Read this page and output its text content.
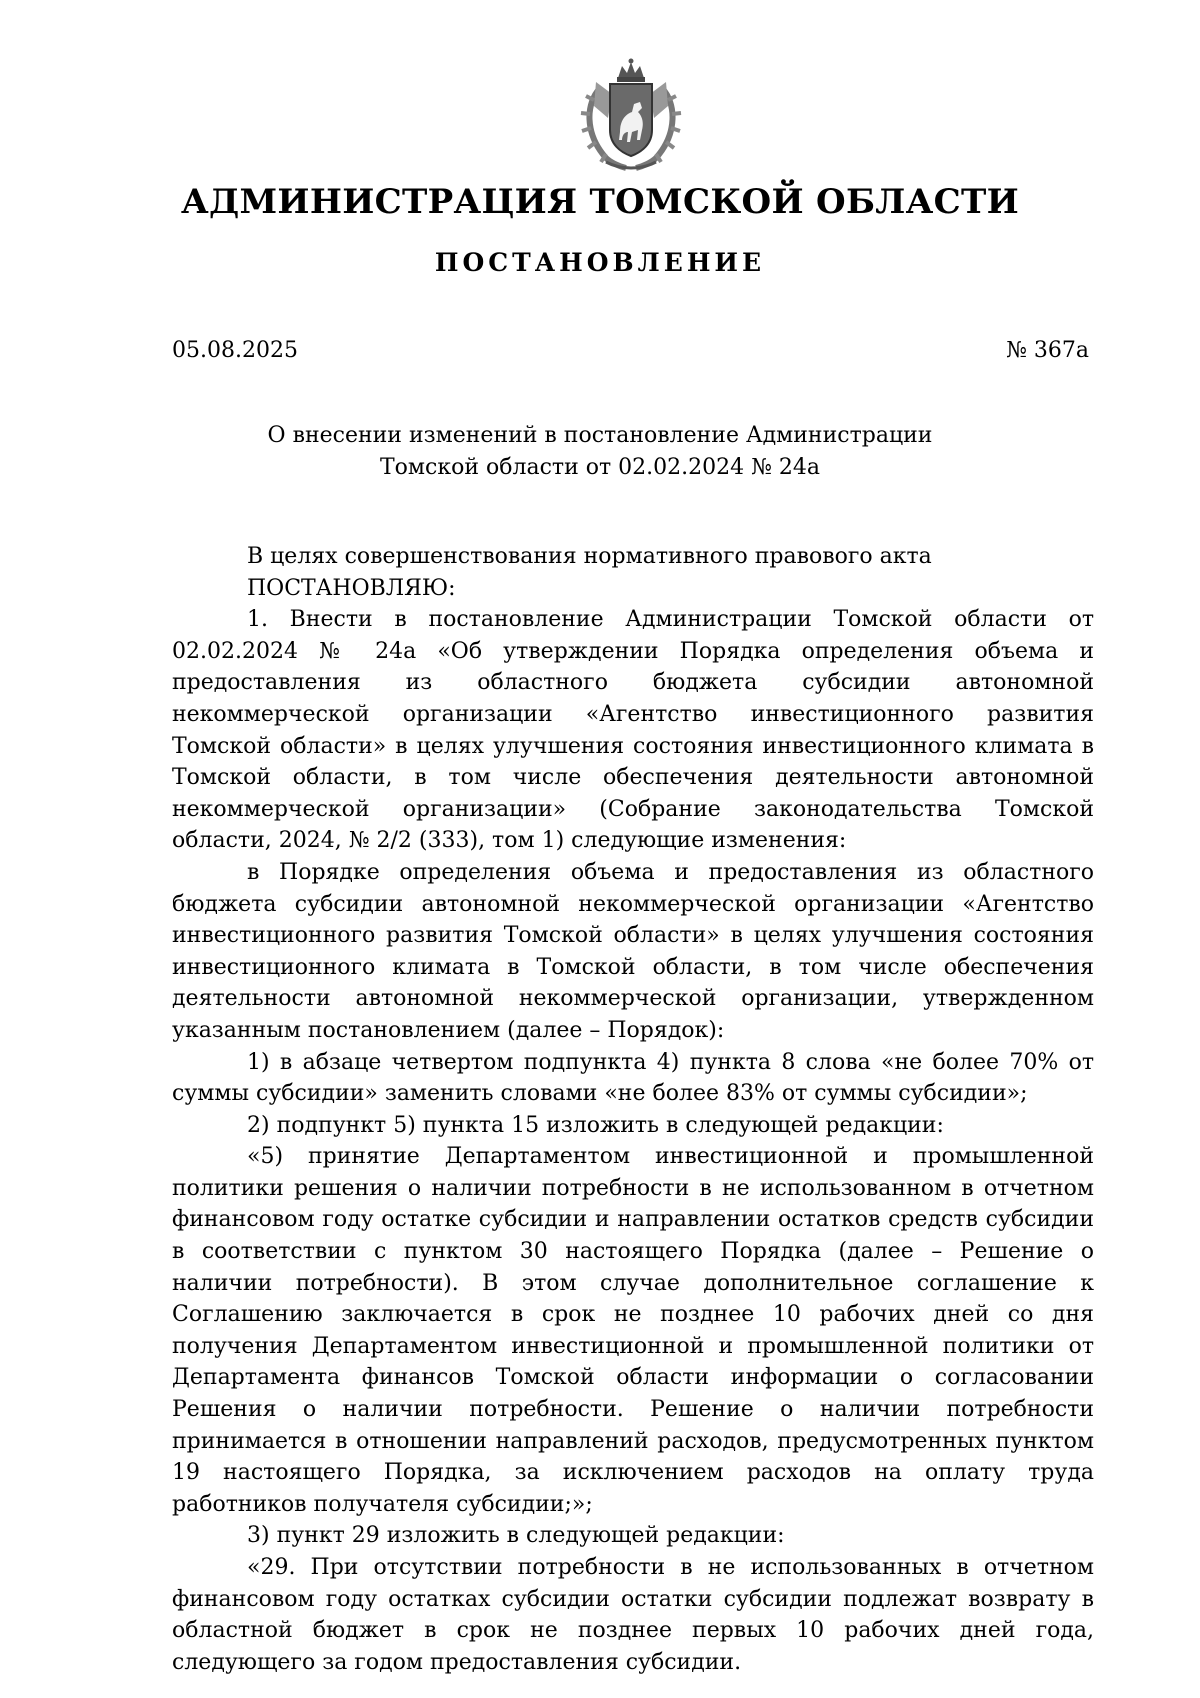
АДМИНИСТРАЦИЯ ТОМСКОЙ ОБЛАСТИ
ПОСТАНОВЛЕНИЕ
05.08.2025	№ 367а
О внесении изменений в постановление Администрации
Томской области от 02.02.2024 № 24а

В целях совершенствования нормативного правового акта

ПОСТАНОВЛЯЮ:

1. Внести в постановление Администрации Томской области от 02.02.2024 № 24а «Об утверждении Порядка определения объема и предоставления из областного бюджета субсидии автономной некоммерческой организации «Агентство инвестиционного развития Томской области» в целях улучшения состояния инвестиционного климата в Томской области, в том числе обеспечения деятельности автономной некоммерческой организации» (Собрание законодательства Томской области, 2024, № 2/2 (333), том 1) следующие изменения:

в Порядке определения объема и предоставления из областного бюджета субсидии автономной некоммерческой организации «Агентство инвестиционного развития Томской области» в целях улучшения состояния инвестиционного климата в Томской области, в том числе обеспечения деятельности автономной некоммерческой организации, утвержденном указанным постановлением (далее – Порядок):

1) в абзаце четвертом подпункта 4) пункта 8 слова «не более 70% от суммы субсидии» заменить словами «не более 83% от суммы субсидии»;

2) подпункт 5) пункта 15 изложить в следующей редакции:

«5) принятие Департаментом инвестиционной и промышленной политики решения о наличии потребности в не использованном в отчетном финансовом году остатке субсидии и направлении остатков средств субсидии в соответствии с пунктом 30 настоящего Порядка (далее – Решение о наличии потребности). В этом случае дополнительное соглашение к Соглашению заключается в срок не позднее 10 рабочих дней со дня получения Департаментом инвестиционной и промышленной политики от Департамента финансов Томской области информации о согласовании Решения о наличии потребности. Решение о наличии потребности принимается в отношении направлений расходов, предусмотренных пунктом 19 настоящего Порядка, за исключением расходов на оплату труда работников получателя субсидии;»;

3) пункт 29 изложить в следующей редакции:

«29. При отсутствии потребности в не использованных в отчетном финансовом году остатках субсидии остатки субсидии подлежат возврату в областной бюджет в срок не позднее первых 10 рабочих дней года, следующего за годом предоставления субсидии.
